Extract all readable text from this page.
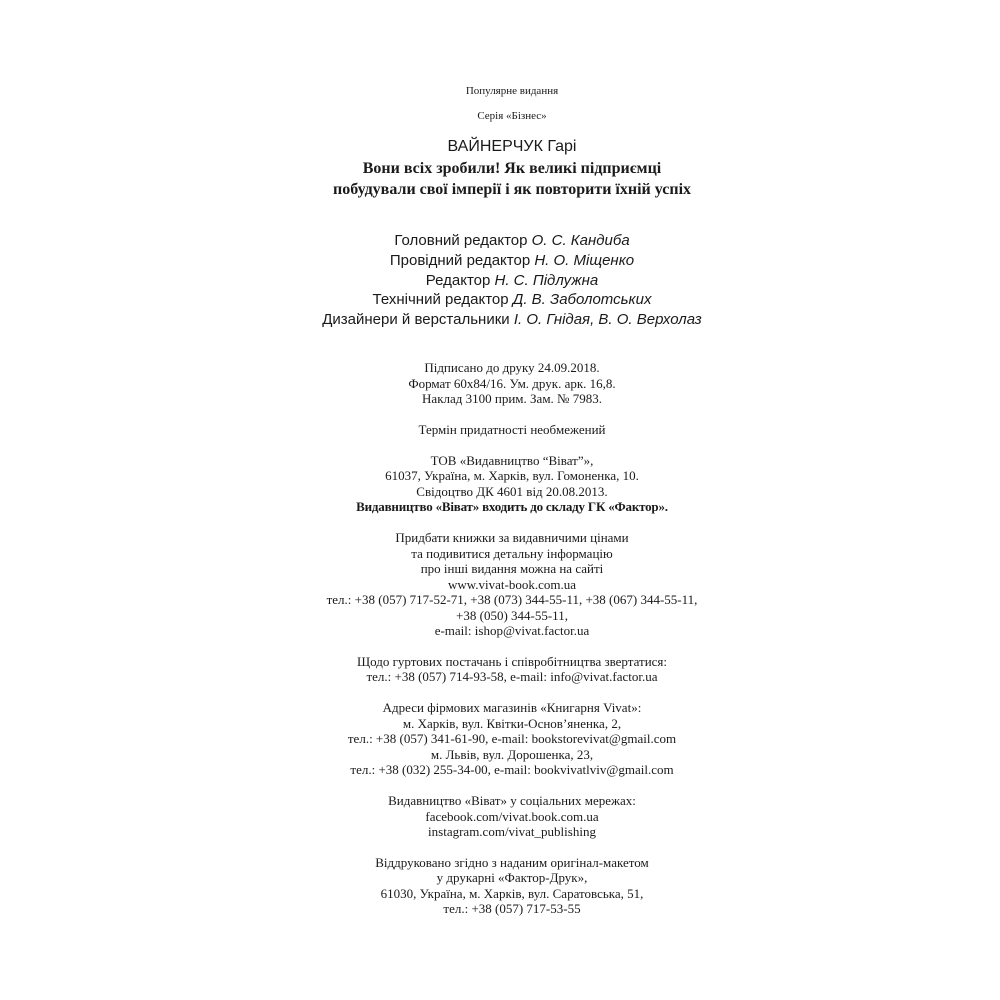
Популярне видання
Серія «Бізнес»
ВАЙНЕРЧУК Гарі
Вони всіх зробили! Як великі підприємці
побудували свої імперії і як повторити їхній успіх
Головний редактор О. С. Кандиба
Провідний редактор Н. О. Міщенко
Редактор Н. С. Підлужна
Технічний редактор Д. В. Заболотських
Дизайнери й верстальники І. О. Гнідая, В. О. Верхолаз
Підписано до друку 24.09.2018.
Формат 60х84/16. Ум. друк. арк. 16,8.
Наклад 3100 прим. Зам. № 7983.
Термін придатності необмежений
ТОВ «Видавництво “Віват”»,
61037, Україна, м. Харків, вул. Гомоненка, 10.
Свідоцтво ДК 4601 від 20.08.2013.
Видавництво «Віват» входить до складу ГК «Фактор».
Придбати книжки за видавничими цінами
та подивитися детальну інформацію
про інші видання можна на сайті
www.vivat-book.com.ua
тел.: +38 (057) 717-52-71, +38 (073) 344-55-11, +38 (067) 344-55-11,
+38 (050) 344-55-11,
e-mail: ishop@vivat.factor.ua
Щодо гуртових постачань і співробітництва звертатися:
тел.: +38 (057) 714-93-58, e-mail: info@vivat.factor.ua
Адреси фірмових магазинів «Книгарня Vivat»:
м. Харків, вул. Квітки-Основ’яненка, 2,
тел.: +38 (057) 341-61-90, e-mail: bookstorevivat@gmail.com
м. Львів, вул. Дорошенка, 23,
тел.: +38 (032) 255-34-00, e-mail: bookvivatlviv@gmail.com
Видавництво «Віват» у соціальних мережах:
facebook.com/vivat.book.com.ua
instagram.com/vivat_publishing
Віддруковано згідно з наданим оригінал-макетом
у друкарні «Фактор-Друк»,
61030, Україна, м. Харків, вул. Саратовська, 51,
тел.: +38 (057) 717-53-55
